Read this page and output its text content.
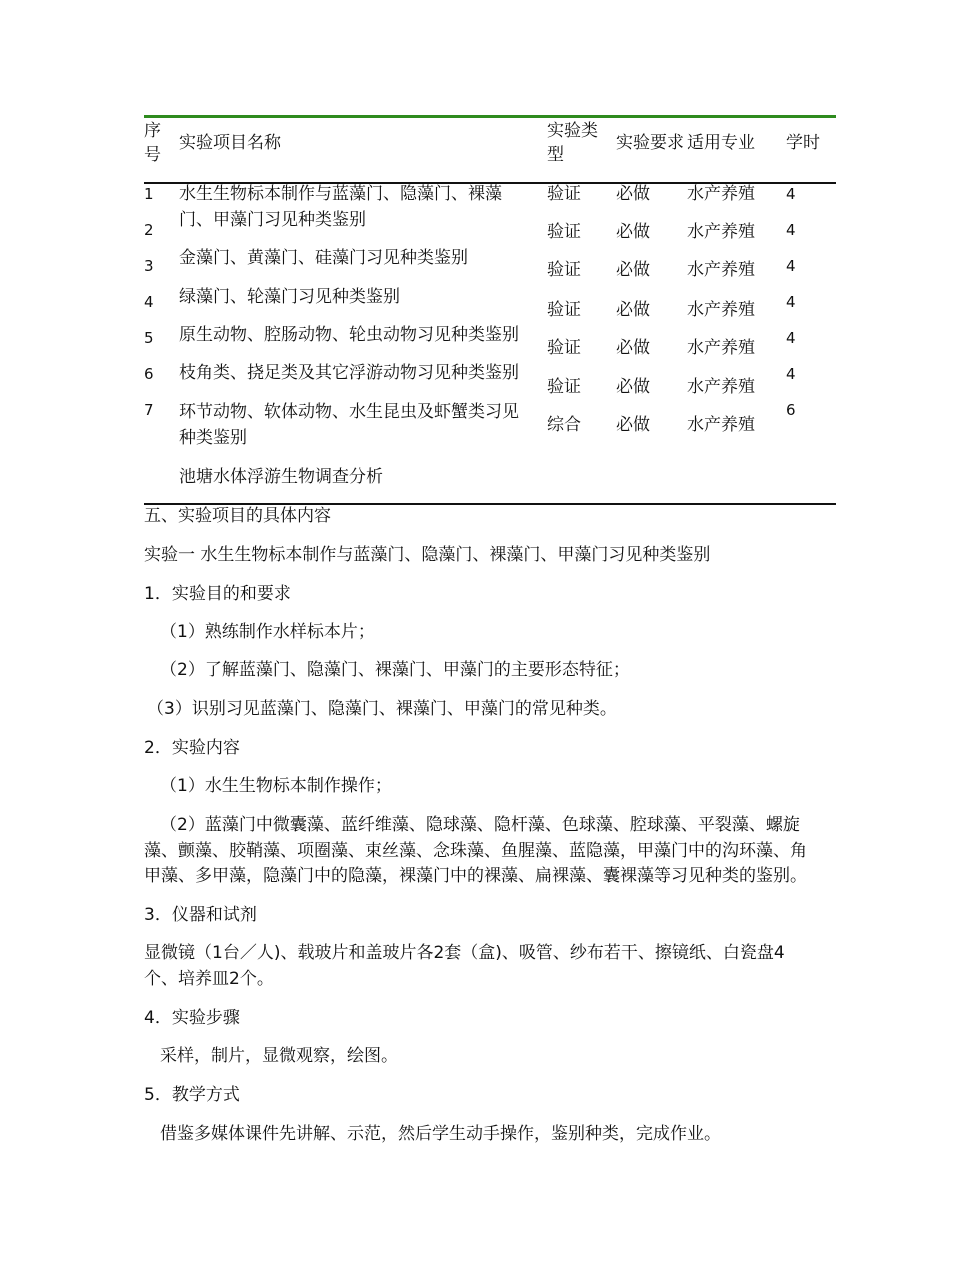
序
号
实验项目名称
实验类
型
实验要求 适用专业 学时
1
2
3
4
5
6
7
水生生物标本制作与蓝藻门、隐藻门、裸藻
门、甲藻门习见种类鉴别
金藻门、黄藻门、硅藻门习见种类鉴别
绿藻门、轮藻门习见种类鉴别
原生动物、腔肠动物、轮虫动物习见种类鉴别
枝角类、挠足类及其它浮游动物习见种类鉴别
环节动物、软体动物、水生昆虫及虾蟹类习见
种类鉴别
池塘水体浮游生物调查分析
验证
验证
验证
验证
验证
验证
综合
必做
必做
必做
必做
必做
必做
必做
水产养殖
水产养殖
水产养殖
水产养殖
水产养殖
水产养殖
水产养殖
4
4
4
4
4
4
6
五、实验项目的具体内容
实验一 水生生物标本制作与蓝藻门、隐藻门、裸藻门、甲藻门习见种类鉴别
1．实验目的和要求
（1）熟练制作水样标本片；
（2）了解蓝藻门、隐藻门、裸藻门、甲藻门的主要形态特征；
（3）识别习见蓝藻门、隐藻门、裸藻门、甲藻门的常见种类。
2．实验内容
（1）水生生物标本制作操作；
（2）蓝藻门中微囊藻、蓝纤维藻、隐球藻、隐杆藻、色球藻、腔球藻、平裂藻、螺旋
藻、颤藻、胶鞘藻、项圈藻、束丝藻、念珠藻、鱼腥藻、蓝隐藻，甲藻门中的沟环藻、角
甲藻、多甲藻，隐藻门中的隐藻，裸藻门中的裸藻、扁裸藻、囊裸藻等习见种类的鉴别。
3．仪器和试剂
显微镜（1台／人)、载玻片和盖玻片各2套（盒)、吸管、纱布若干、擦镜纸、白瓷盘4
个、培养皿2个。
4．实验步骤
采样，制片，显微观察，绘图。
5．教学方式
借鉴多媒体课件先讲解、示范，然后学生动手操作，鉴别种类，完成作业。
